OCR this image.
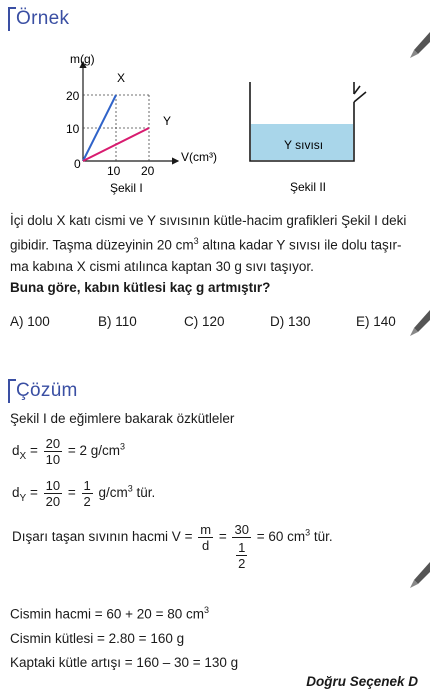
Örnek
m(g)
V(cm³)
20
10
0 10 20
X
Y
Şekil I
Y sıvısı
Şekil II
İçi dolu X katı cismi ve Y sıvısının kütle-hacim grafikleri Şekil I deki
gibidir. Taşma düzeyinin 20 $cm^3$ altına kadar Y sıvısı ile dolu taşır-
ma kabına X cismi atılınca kaptan 30 g sıvı taşıyor.
Buna göre, kabın kütlesi kaç g artmıştır?
A) 100	B) 110	C) 120	D) 130	E) 140
Çözüm
Şekil I de eğimlere bakarak özkütleler
$d_X = \frac{20}{10} = 2$ $g/cm^3$
$d_Y = \frac{10}{20} = \frac{1}{2} g/cm^3$ tür.
Dışarı taşan sıvının hacmi $V = \frac{m}{d} = \frac{30}{\frac{1}{2}} = 60$ $cm^3$ tür.
Cismin hacmi = 60 + 20 = 80 $cm^3$
Cismin kütlesi = 2.80 = 160 g
Kaptaki kütle artışı = 160 – 30 = 130 g
Doğru Seçenek D
